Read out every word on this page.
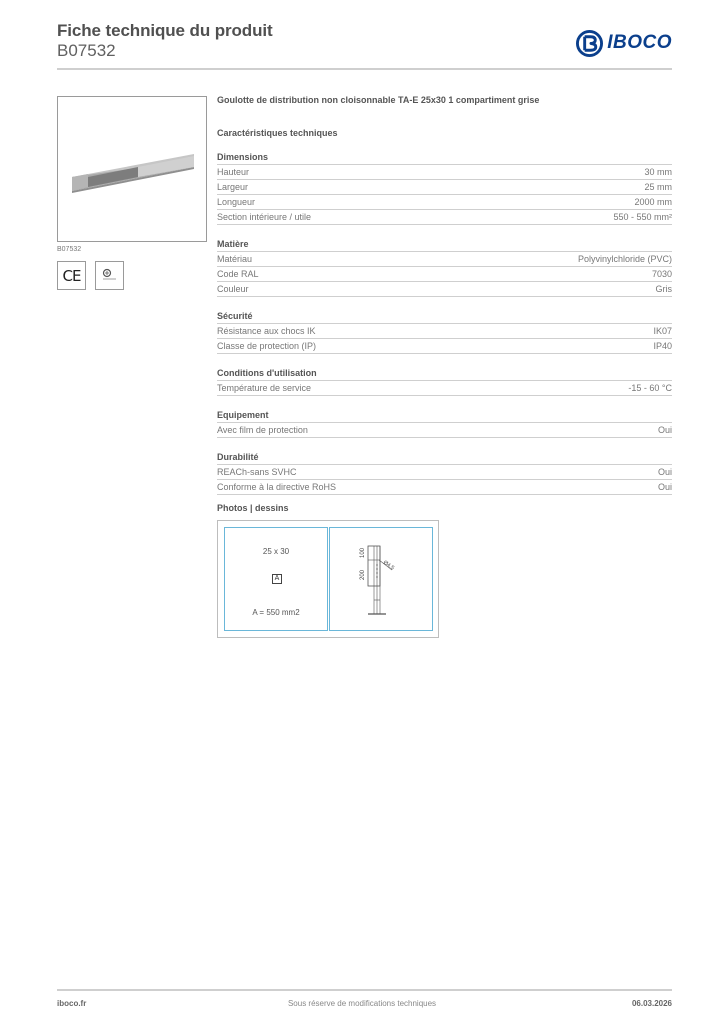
Fiche technique du produit
B07532	IBOCO
B07532
CE
Goulotte de distribution non cloisonnable TA-E 25x30 1 compartiment grise
Caractéristiques techniques
Dimensions
Hauteur	30 mm
Largeur	25 mm
Longueur	2000 mm
Section intérieure / utile	550 - 550 mm²
Matière
Matériau	Polyvinylchloride (PVC)
Code RAL	7030
Couleur	Gris
Sécurité
Résistance aux chocs IK	IK07
Classe de protection (IP)	IP40
Conditions d'utilisation
Température de service	-15 - 60 °C
Equipement
Avec film de protection	Oui
Durabilité
REACh-sans SVHC	Oui
Conforme à la directive RoHS	Oui
Photos | dessins
25 x 30
A
A = 550 mm2
100
200
Ø4.5
iboco.fr	Sous réserve de modifications techniques	06.03.2026
